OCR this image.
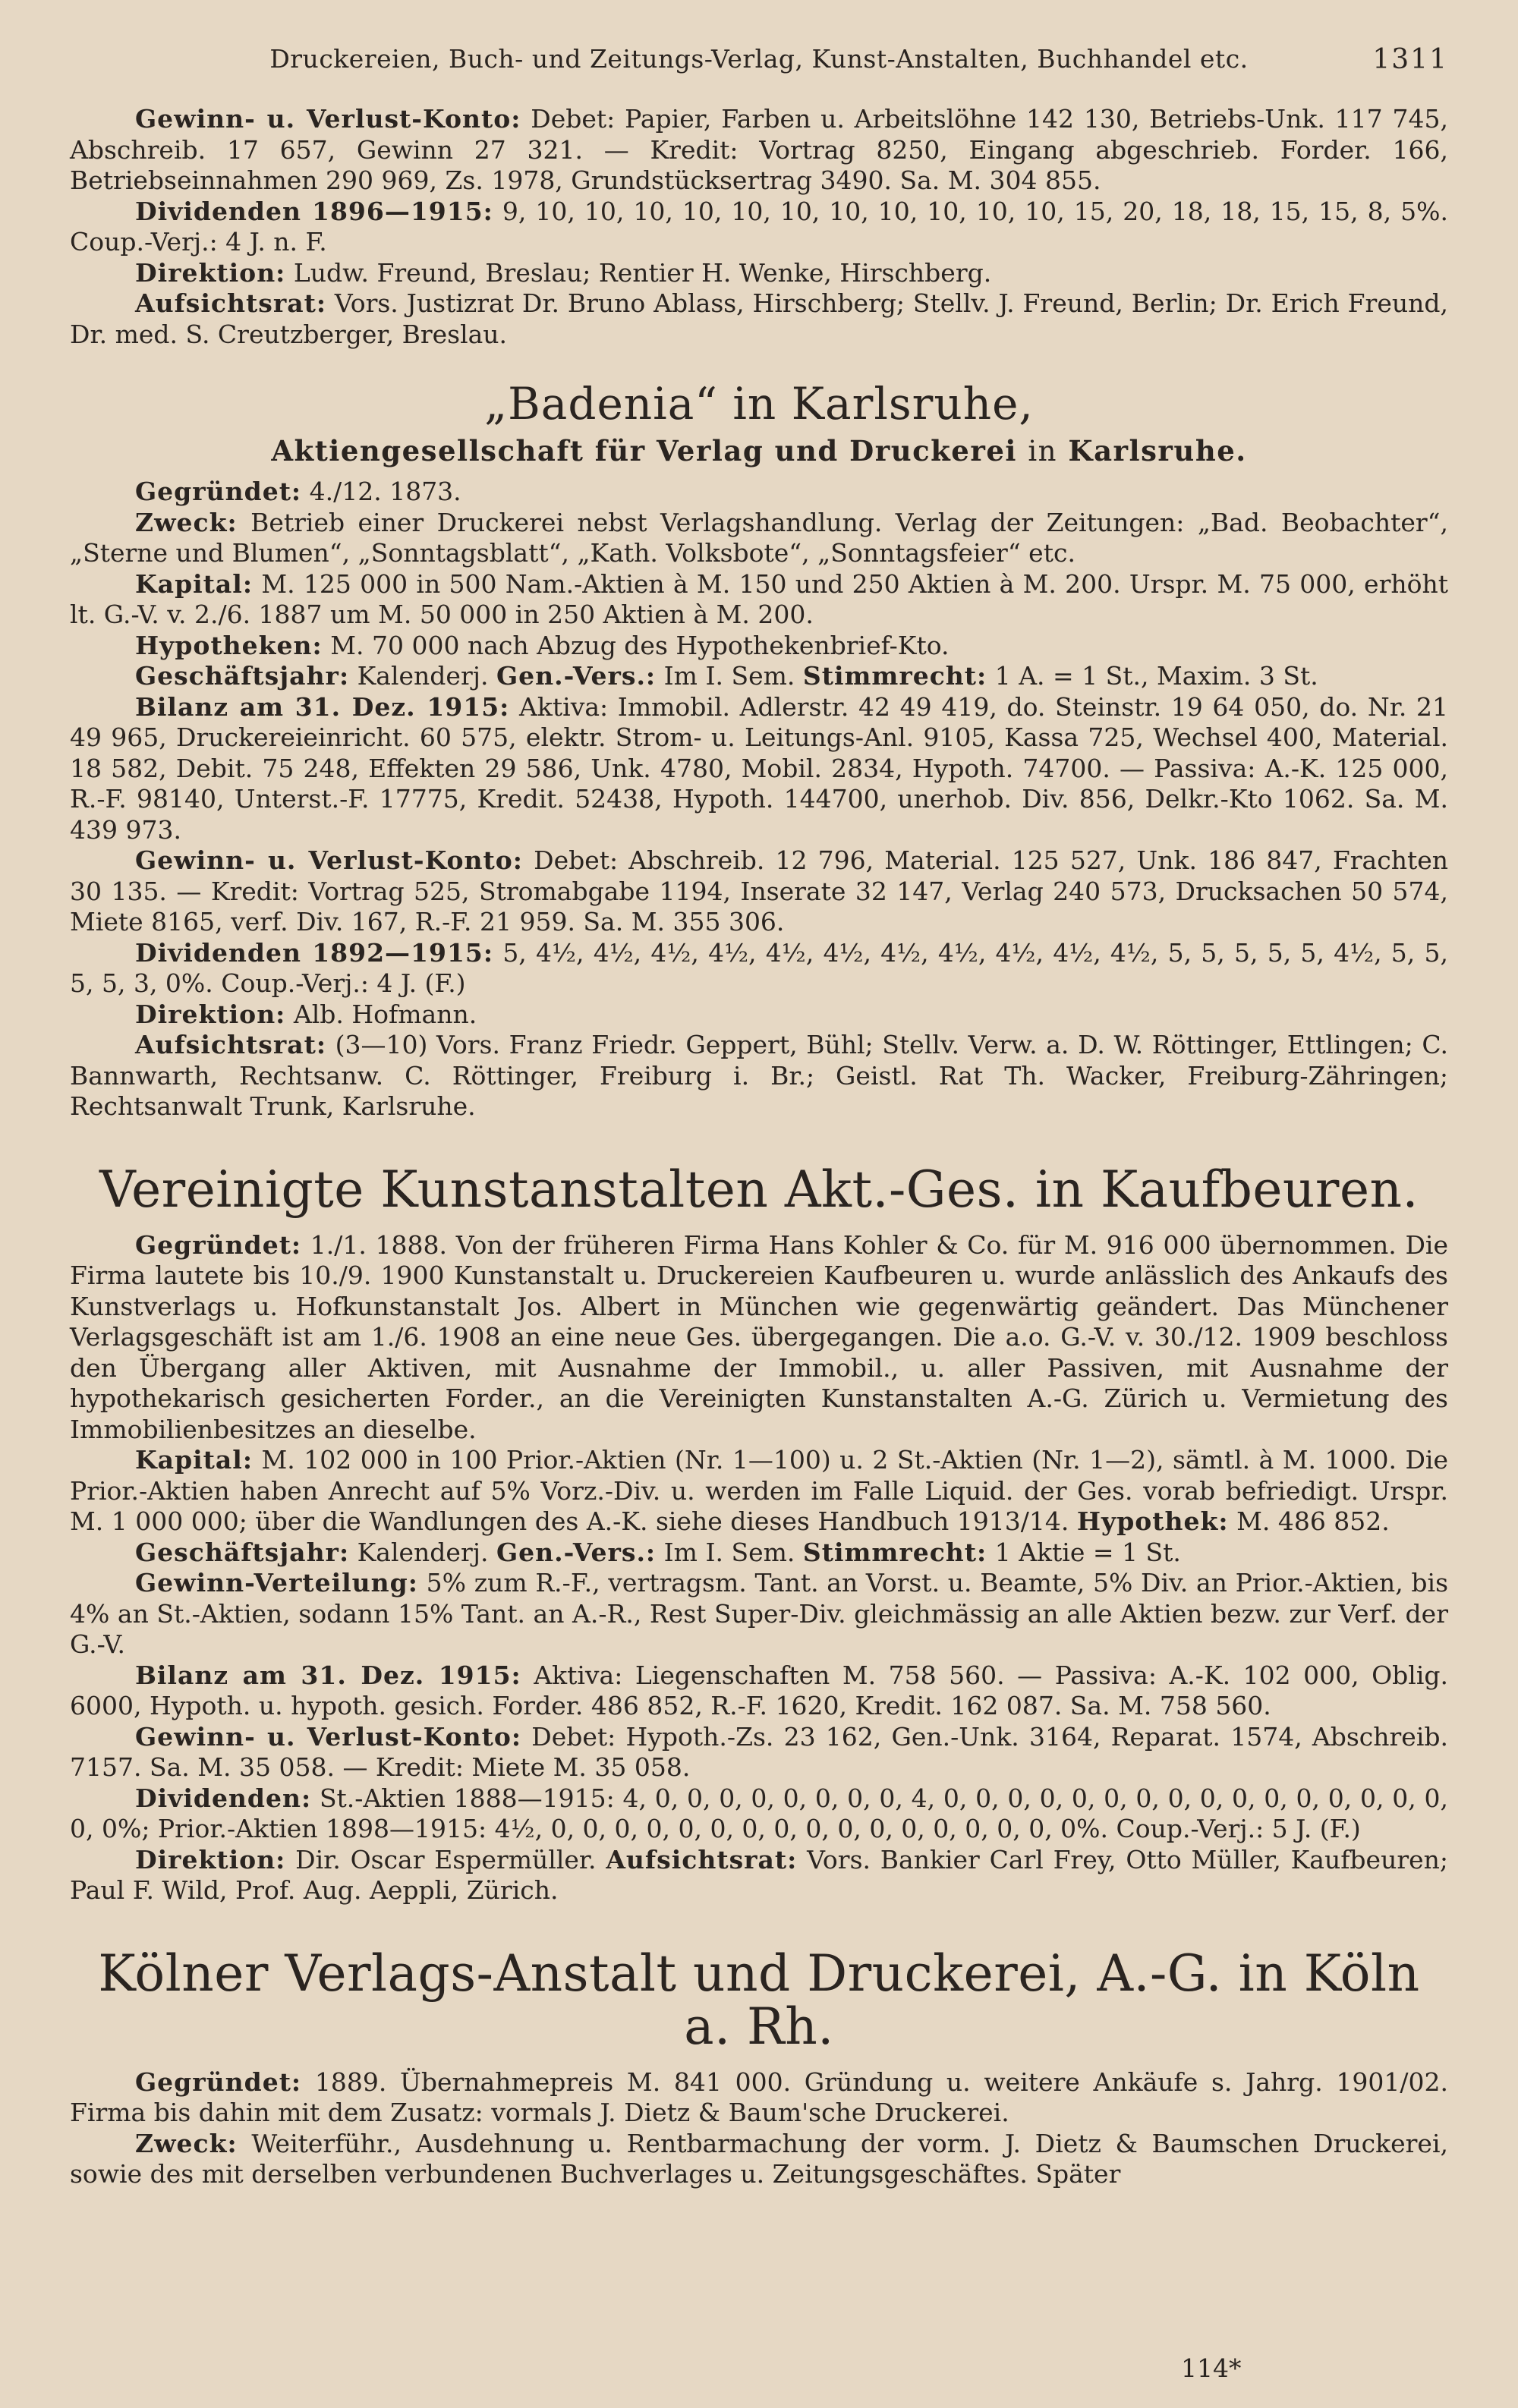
Druckereien, Buch- und Zeitungs-Verlag, Kunst-Anstalten, Buchhandel etc.	1311

Gewinn- u. Verlust-Konto: Debet: Papier, Farben u. Arbeitslöhne 142 130, Betriebs-Unk. 117 745, Abschreib. 17 657, Gewinn 27 321. — Kredit: Vortrag 8250, Eingang abgeschrieb. Forder. 166, Betriebseinnahmen 290 969, Zs. 1978, Grundstücksertrag 3490. Sa. M. 304 855.

Dividenden 1896—1915: 9, 10, 10, 10, 10, 10, 10, 10, 10, 10, 10, 10, 15, 20, 18, 18, 15, 15, 8, 5%. Coup.-Verj.: 4 J. n. F.

Direktion: Ludw. Freund, Breslau; Rentier H. Wenke, Hirschberg.

Aufsichtsrat: Vors. Justizrat Dr. Bruno Ablass, Hirschberg; Stellv. J. Freund, Berlin; Dr. Erich Freund, Dr. med. S. Creutzberger, Breslau.

„Badenia“ in Karlsruhe,
Aktiengesellschaft für Verlag und Druckerei in Karlsruhe.

Gegründet: 4./12. 1873.

Zweck: Betrieb einer Druckerei nebst Verlagshandlung. Verlag der Zeitungen: „Bad. Beobachter“, „Sterne und Blumen“, „Sonntagsblatt“, „Kath. Volksbote“, „Sonntagsfeier“ etc.

Kapital: M. 125 000 in 500 Nam.-Aktien à M. 150 und 250 Aktien à M. 200. Urspr. M. 75 000, erhöht lt. G.-V. v. 2./6. 1887 um M. 50 000 in 250 Aktien à M. 200.

Hypotheken: M. 70 000 nach Abzug des Hypothekenbrief-Kto.

Geschäftsjahr: Kalenderj. Gen.-Vers.: Im I. Sem. Stimmrecht: 1 A. = 1 St., Maxim. 3 St.

Bilanz am 31. Dez. 1915: Aktiva: Immobil. Adlerstr. 42 49 419, do. Steinstr. 19 64 050, do. Nr. 21 49 965, Druckereieinricht. 60 575, elektr. Strom- u. Leitungs-Anl. 9105, Kassa 725, Wechsel 400, Material. 18 582, Debit. 75 248, Effekten 29 586, Unk. 4780, Mobil. 2834, Hypoth. 74700. — Passiva: A.-K. 125 000, R.-F. 98140, Unterst.-F. 17775, Kredit. 52438, Hypoth. 144700, unerhob. Div. 856, Delkr.-Kto 1062. Sa. M. 439 973.

Gewinn- u. Verlust-Konto: Debet: Abschreib. 12 796, Material. 125 527, Unk. 186 847, Frachten 30 135. — Kredit: Vortrag 525, Stromabgabe 1194, Inserate 32 147, Verlag 240 573, Drucksachen 50 574, Miete 8165, verf. Div. 167, R.-F. 21 959. Sa. M. 355 306.

Dividenden 1892—1915: 5, 4½, 4½, 4½, 4½, 4½, 4½, 4½, 4½, 4½, 4½, 4½, 5, 5, 5, 5, 5, 4½, 5, 5, 5, 5, 3, 0%. Coup.-Verj.: 4 J. (F.)

Direktion: Alb. Hofmann.

Aufsichtsrat: (3—10) Vors. Franz Friedr. Geppert, Bühl; Stellv. Verw. a. D. W. Röttinger, Ettlingen; C. Bannwarth, Rechtsanw. C. Röttinger, Freiburg i. Br.; Geistl. Rat Th. Wacker, Freiburg-Zähringen; Rechtsanwalt Trunk, Karlsruhe.

Vereinigte Kunstanstalten Akt.-Ges. in Kaufbeuren.

Gegründet: 1./1. 1888. Von der früheren Firma Hans Kohler & Co. für M. 916 000 übernommen. Die Firma lautete bis 10./9. 1900 Kunstanstalt u. Druckereien Kaufbeuren u. wurde anlässlich des Ankaufs des Kunstverlags u. Hofkunstanstalt Jos. Albert in München wie gegenwärtig geändert. Das Münchener Verlagsgeschäft ist am 1./6. 1908 an eine neue Ges. übergegangen. Die a.o. G.-V. v. 30./12. 1909 beschloss den Übergang aller Aktiven, mit Ausnahme der Immobil., u. aller Passiven, mit Ausnahme der hypothekarisch gesicherten Forder., an die Vereinigten Kunstanstalten A.-G. Zürich u. Vermietung des Immobilienbesitzes an dieselbe.

Kapital: M. 102 000 in 100 Prior.-Aktien (Nr. 1—100) u. 2 St.-Aktien (Nr. 1—2), sämtl. à M. 1000. Die Prior.-Aktien haben Anrecht auf 5% Vorz.-Div. u. werden im Falle Liquid. der Ges. vorab befriedigt. Urspr. M. 1 000 000; über die Wandlungen des A.-K. siehe dieses Handbuch 1913/14. Hypothek: M. 486 852.

Geschäftsjahr: Kalenderj. Gen.-Vers.: Im I. Sem. Stimmrecht: 1 Aktie = 1 St.

Gewinn-Verteilung: 5% zum R.-F., vertragsm. Tant. an Vorst. u. Beamte, 5% Div. an Prior.-Aktien, bis 4% an St.-Aktien, sodann 15% Tant. an A.-R., Rest Super-Div. gleichmässig an alle Aktien bezw. zur Verf. der G.-V.

Bilanz am 31. Dez. 1915: Aktiva: Liegenschaften M. 758 560. — Passiva: A.-K. 102 000, Oblig. 6000, Hypoth. u. hypoth. gesich. Forder. 486 852, R.-F. 1620, Kredit. 162 087. Sa. M. 758 560.

Gewinn- u. Verlust-Konto: Debet: Hypoth.-Zs. 23 162, Gen.-Unk. 3164, Reparat. 1574, Abschreib. 7157. Sa. M. 35 058. — Kredit: Miete M. 35 058.

Dividenden: St.-Aktien 1888—1915: 4, 0, 0, 0, 0, 0, 0, 0, 0, 4, 0, 0, 0, 0, 0, 0, 0, 0, 0, 0, 0, 0, 0, 0, 0, 0, 0, 0%; Prior.-Aktien 1898—1915: 4½, 0, 0, 0, 0, 0, 0, 0, 0, 0, 0, 0, 0, 0, 0, 0, 0, 0%. Coup.-Verj.: 5 J. (F.)

Direktion: Dir. Oscar Espermüller. Aufsichtsrat: Vors. Bankier Carl Frey, Otto Müller, Kaufbeuren; Paul F. Wild, Prof. Aug. Aeppli, Zürich.

Kölner Verlags-Anstalt und Druckerei, A.-G. in Köln a. Rh.

Gegründet: 1889. Übernahmepreis M. 841 000. Gründung u. weitere Ankäufe s. Jahrg. 1901/02. Firma bis dahin mit dem Zusatz: vormals J. Dietz & Baum'sche Druckerei.

Zweck: Weiterführ., Ausdehnung u. Rentbarmachung der vorm. J. Dietz & Baumschen Druckerei, sowie des mit derselben verbundenen Buchverlages u. Zeitungsgeschäftes. Später

114*
